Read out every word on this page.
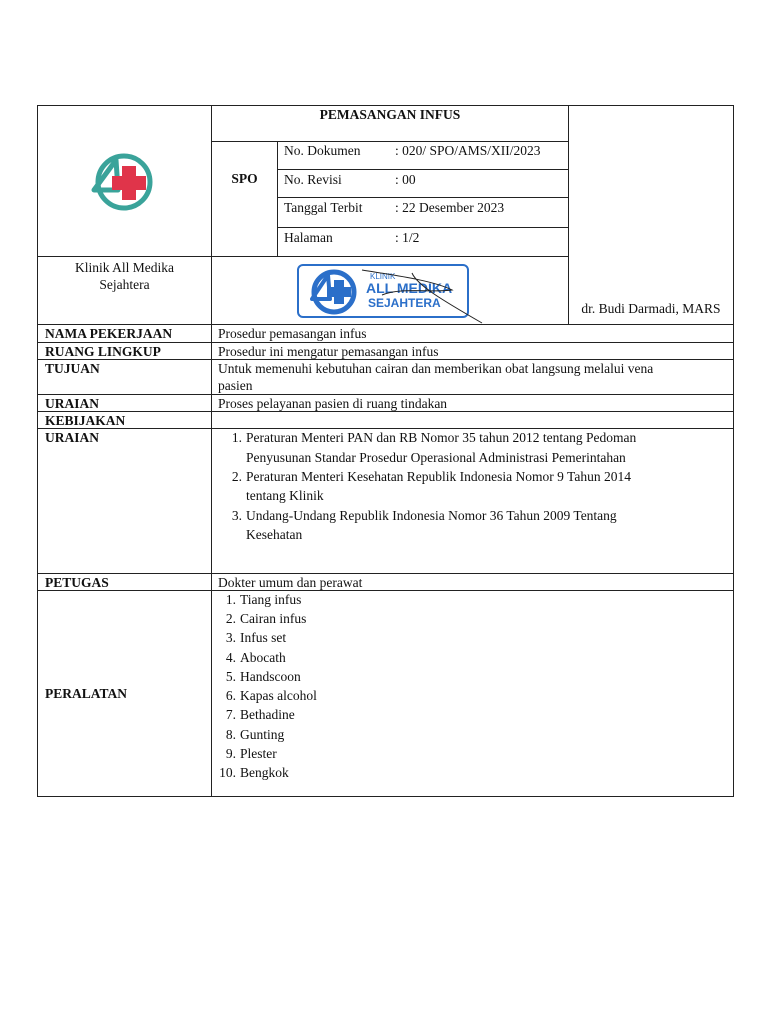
Klinik All Medika
Sejahtera
PEMASANGAN INFUS
SPO
No. Dokumen	: 020/ SPO/AMS/XII/2023
No. Revisi	: 00
Tanggal Terbit : 22 Desember 2023
Halaman	: 1/2
KLINIK
ALL MEDIKA
SEJAHTERA	dr. Budi Darmadi, MARS
NAMA PEKERJAAN	Prosedur pemasangan infus
RUANG LINGKUP	Prosedur ini mengatur pemasangan infus
TUJUAN	Untuk memenuhi kebutuhan cairan dan memberikan obat langsung melalui vena
pasien
URAIAN	Proses pelayanan pasien di ruang tindakan
KEBIJAKAN
URAIAN	1. Peraturan Menteri PAN dan RB Nomor 35 tahun 2012 tentang Pedoman
Penyusunan Standar Prosedur Operasional Administrasi Pemerintahan
2. Peraturan Menteri Kesehatan Republik Indonesia Nomor 9 Tahun 2014
tentang Klinik
3. Undang-Undang Republik Indonesia Nomor 36 Tahun 2009 Tentang
Kesehatan
PETUGAS	Dokter umum dan perawat
PERALATAN
1. Tiang infus
2. Cairan infus
3. Infus set
4. Abocath
5. Handscoon
6. Kapas alcohol
7. Bethadine
8. Gunting
9. Plester
10. Bengkok
